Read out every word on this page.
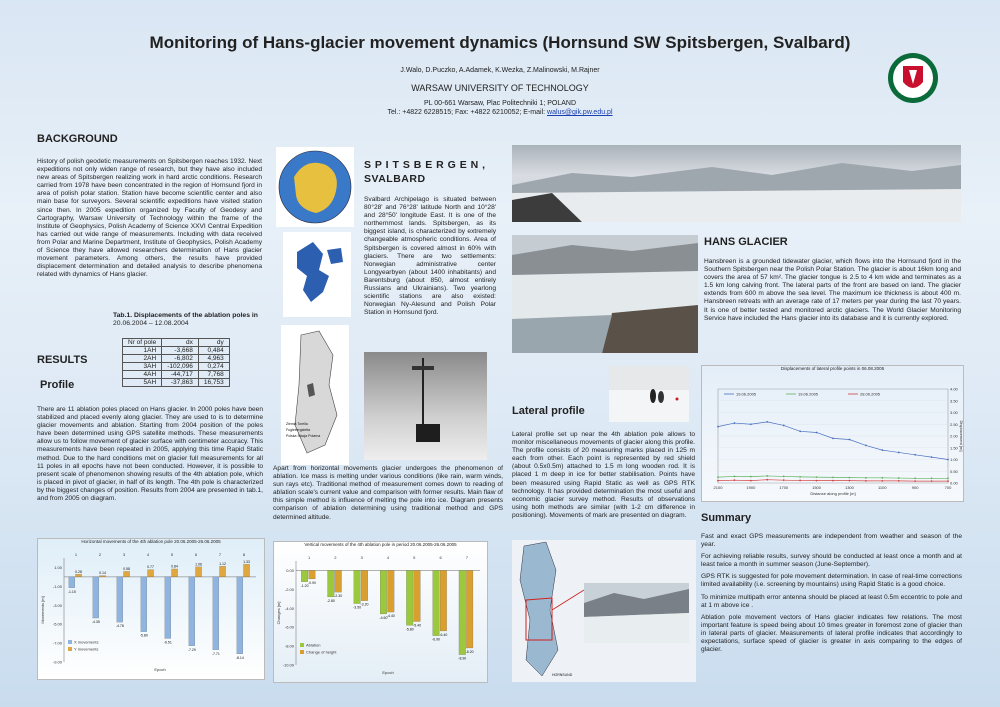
Monitoring of Hans-glacier movement dynamics (Hornsund SW Spitsbergen, Svalbard)
J.Walo, D.Puczko, A.Adamek, K.Wezka, Z.Malinowski, M.Rajner
WARSAW UNIVERSITY OF TECHNOLOGY
PL 00-661 Warsaw, Plac Politechniki 1; POLAND
Tel.: +4822 6228515; Fax: +4822 6210052; E-mail: walus@gik.pw.edu.pl
BACKGROUND
History of polish geodetic measurements on Spitsbergen reaches 1932. Next expeditions not only widen range of research, but they have also included new areas of Spitsbergen realizing work in hard arctic conditions. Research carried from 1978 have been concentrated in the region of Hornsund fjord in area of polish polar station. Station have become scientific center and also main base for surveyors. Several scientific expeditions have visited station since then. In 2005 expedition organized by Faculty of Geodesy and Cartography, Warsaw University of Technology within the frame of the Institute of Geophysics, Polish Academy of Science XXVI Central Expedition has carried out wide range of measurements. Including with data received from Polar and Marine Department, Institute of Geophysics, Polish Academy of Science they have allowed researchers determination of Hans glacier movement parameters. Among others, the results have provided displacement determination and detailed analysis to describe phenomena related with dynamics of Hans glacier.
Tab.1. Displacements of the ablation poles in 20.06.2004 – 12.08.2004
Nr of pole	dx	dy
1AH	-3,668	0,484
2AH	-6,802	4,963
3AH	-102,096	0,274
4AH	-44,717	7,768
5AH	-37,863	16,753
RESULTS
Profile
There are 11 ablation poles placed on Hans glacier. In 2000 poles have been stabilized and placed evenly along glacier. They are used to is to determine glacier movements and ablation. Starting from 2004 position of the poles have been determined using GPS satellite methods. These measurements allow us to follow movement of glacier surface with centimeter accuracy. This measurements have been repeated in 2005, applying this time Rapid Static method. Due to the hard conditions met on glacier full measurements for all 11 poles in all epochs have not been conducted. However, it is possible to present scale of phenomenon showing results of the 4th ablation pole, which is placed in pivot of glacier, in half of its length. The 4th pole is characterized by the biggest changes of position. Results from 2004 are presented in tab.1, and from 2005 on diagram.
Horizontal movements of the 4th ablation pole 20.06.2005-26.06.2005
-9.00
-7.00
-5.00
-3.00
-1.00
1.00
-1.15
-4.35
-4.78
-5.80
-6.51
-7.29
-7.71
-8.14
0.28	0.14
0.58	0.77	0.84
1.06	1.12	1.33
1	2	3	4	5	6	7	8
Epoch
Movements [m]
X movements
Y movements
Ziemia Torella
Fuglebergsletta
Polska Stacja Polarna
S P I T S B E R G E N ,
SVALBARD
Svalbard Archipelago is situated between 80°28' and 76°28' latitude North and 10°28' and 28°50' longitude East. It is one of the northernmost lands. Spitsbergen, as its biggest island, is characterized by extremely changeable atmospheric conditions. Area of Spitsbergen is covered almost in 60% with glaciers. There are two settlements: Norwegian administrative center Longyearbyen (about 1400 inhabitants) and Barentsburg (about 850, almost entirely Russians and Ukrainians). Two yearlong scientific stations are also existed: Norwegian Ny-Alesund and Polish Polar Station in Hornsund fjord.
Apart from horizontal movements glacier undergoes the phenomenon of ablation. Ice mass is melting under various conditions (like rain, warm winds, sun rays etc). Traditional method of measurement comes down to reading of ablation scale's current value and comparison with former results. Main flaw of this simple method is influence of melting the pole into ice. Diagram presents comparison of ablation determining using traditional method and GPS determined altitude.
Vertical movements of the 4th ablation pole in period 20.06.2005-26.06.2005
-10.00
-8.00
-6.00
-4.00
-2.00
0.00
-1.20
-2.80
-3.50
-4.60
-5.80
-6.90
-8.90
-0.90
-2.30
-3.20
-4.40
-5.40
-6.40
-8.20
1	2	3	4	5	6	7
Epoch
Changes [m]
Ablation
Change of height
HANS GLACIER
Hansbreen is a grounded tidewater glacier, which flows into the Hornsund fjord in the Southern Spitsbergen near the Polish Polar Station. The glacier is about 16km long and covers the area of 57 km². The glacier tongue is 2.5 to 4 km wide and terminates as a 1.5 km long calving front. The lateral parts of the front are based on land. The glacier extends from 600 m above the sea level. The maximum ice thickness is about 400 m. Hansbreen retreats with an average rate of 17 meters per year during the last 70 years. It is one of better tested and monitored arctic glaciers. The World Glacier Monitoring Service have included the Hans glacier into its database and it is currently explored.
Lateral profile
Lateral profile set up near the 4th ablation pole allows to monitor miscellaneous movements of glacier along this profile. The profile consists of 20 measuring marks placed in 125 m each from other. Each point is represented by red shield (about 0.5x0.5m) attached to 1.5 m long wooden rod. It is placed 1 m deep in ice for better stabilisation. Points have been measured using Rapid Static as well as GPS RTK technology. It has provided determination the most useful and economic glacier survey method. Results of observations using both methods are similar (with 1-2 cm difference in positioning). Movements of mark are presented on diagram.
HORNSUND
Displacements of lateral profile points in 06.08.2005
0.00
0.50
1.00
1.50
2.00
2.50
3.00
3.50
4.00
2100	1900	1700	1500	1300	1100	900	700
Distance along profile [m]
Displacement [m]
19.06.2005	19.06.2005	28.06.2005
Summary
Fast and exact GPS measurements are independent from weather and season of the year.
For achieving reliable results, survey should be conducted at least once a month and at least twice a month in summer season (June-September).
GPS RTK is suggested for pole movement determination. In case of real-time corrections limited availability (i.e. screening by mountains) using Rapid Static is a good choice.
To minimize multipath error antenna should be placed at least 0.5m eccentric to pole and at 1 m above ice .
Ablation pole movement vectors of Hans glacier indicates few relations. The most important feature is speed being about 10 times greater in foremost zone of glacier than in lateral parts of glacier. Measurements of lateral profile indicates that accordingly to expectations, surface speed of glacier is greater in axis comparing to the edges of glacier.
